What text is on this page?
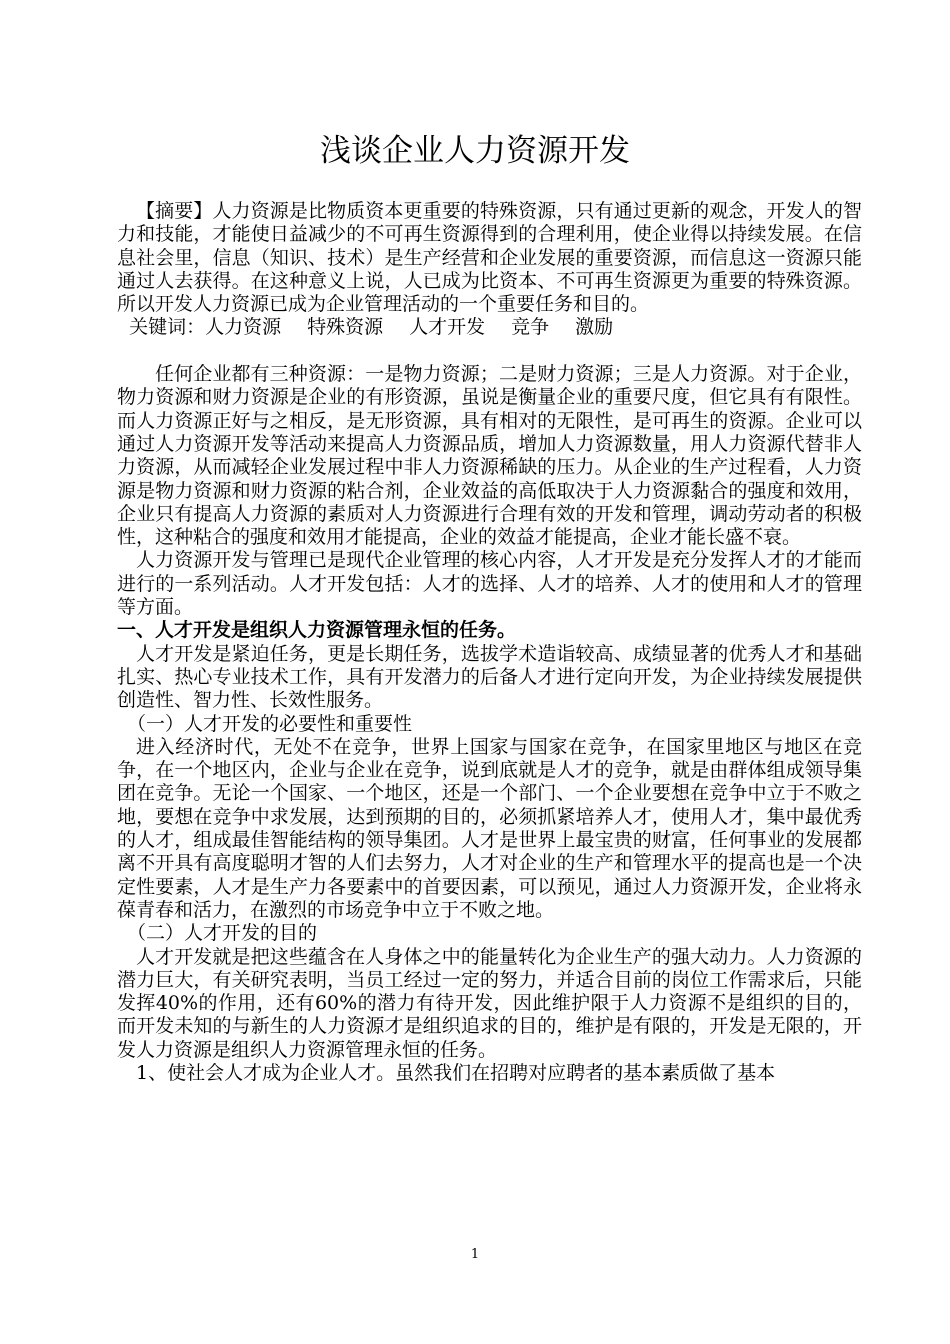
浅谈企业人力资源开发

【摘要】人力资源是比物质资本更重要的特殊资源，只有通过更新的观念，开发人的智力和技能，才能使日益减少的不可再生资源得到的合理利用，使企业得以持续发展。在信息社会里，信息（知识、技术）是生产经营和企业发展的重要资源，而信息这一资源只能通过人去获得。在这种意义上说，人已成为比资本、不可再生资源更为重要的特殊资源。所以开发人力资源已成为企业管理活动的一个重要任务和目的。

关键词：人力资源 特殊资源 人才开发 竞争 激励

任何企业都有三种资源：一是物力资源；二是财力资源；三是人力资源。对于企业，物力资源和财力资源是企业的有形资源，虽说是衡量企业的重要尺度，但它具有有限性。而人力资源正好与之相反，是无形资源，具有相对的无限性，是可再生的资源。企业可以通过人力资源开发等活动来提高人力资源品质，增加人力资源数量，用人力资源代替非人力资源，从而减轻企业发展过程中非人力资源稀缺的压力。从企业的生产过程看，人力资源是物力资源和财力资源的粘合剂，企业效益的高低取决于人力资源黏合的强度和效用，企业只有提高人力资源的素质对人力资源进行合理有效的开发和管理，调动劳动者的积极性，这种粘合的强度和效用才能提高，企业的效益才能提高，企业才能长盛不衰。

人力资源开发与管理已是现代企业管理的核心内容，人才开发是充分发挥人才的才能而进行的一系列活动。人才开发包括：人才的选择、人才的培养、人才的使用和人才的管理等方面。

一、人才开发是组织人力资源管理永恒的任务。

人才开发是紧迫任务，更是长期任务，选拔学术造诣较高、成绩显著的优秀人才和基础扎实、热心专业技术工作，具有开发潜力的后备人才进行定向开发，为企业持续发展提供创造性、智力性、长效性服务。

（一）人才开发的必要性和重要性

进入经济时代，无处不在竞争，世界上国家与国家在竞争，在国家里地区与地区在竞争，在一个地区内，企业与企业在竞争，说到底就是人才的竞争，就是由群体组成领导集团在竞争。无论一个国家、一个地区，还是一个部门、一个企业要想在竞争中立于不败之地，要想在竞争中求发展，达到预期的目的，必须抓紧培养人才，使用人才，集中最优秀的人才，组成最佳智能结构的领导集团。人才是世界上最宝贵的财富，任何事业的发展都离不开具有高度聪明才智的人们去努力，人才对企业的生产和管理水平的提高也是一个决定性要素，人才是生产力各要素中的首要因素，可以预见，通过人力资源开发，企业将永葆青春和活力，在激烈的市场竞争中立于不败之地。

（二）人才开发的目的

人才开发就是把这些蕴含在人身体之中的能量转化为企业生产的强大动力。人力资源的潜力巨大，有关研究表明，当员工经过一定的努力，并适合目前的岗位工作需求后，只能发挥40%的作用，还有60%的潜力有待开发，因此维护限于人力资源不是组织的目的，而开发未知的与新生的人力资源才是组织追求的目的，维护是有限的，开发是无限的，开发人力资源是组织人力资源管理永恒的任务。

1、使社会人才成为企业人才。虽然我们在招聘对应聘者的基本素质做了基本

1
